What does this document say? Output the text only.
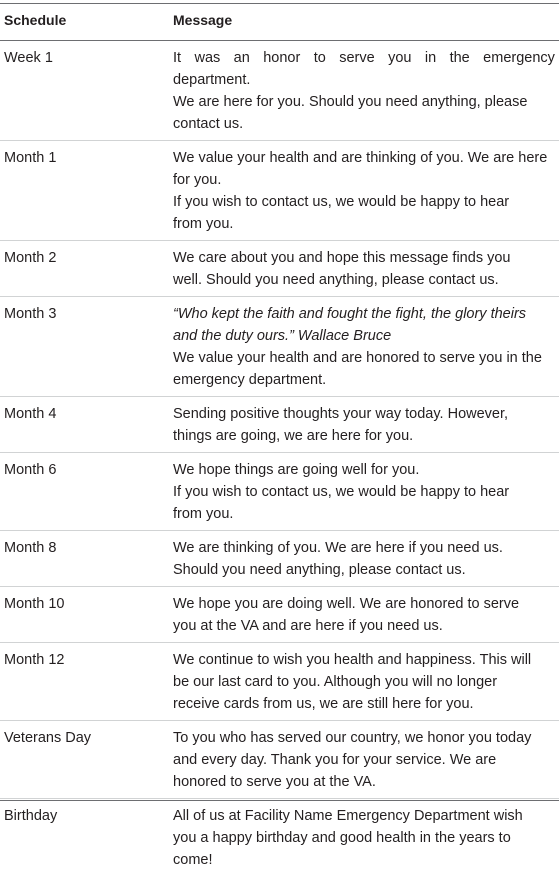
Schedule	Message
Week 1	It was an honor to serve you in the emergency
department.
We are here for you. Should you need anything, please
contact us.
Month 1	We value your health and are thinking of you. We are here
for you.
If you wish to contact us, we would be happy to hear
from you.
Month 2	We care about you and hope this message finds you
well. Should you need anything, please contact us.
Month 3	“Who kept the faith and fought the fight, the glory theirs
and the duty ours.” Wallace Bruce
We value your health and are honored to serve you in the
emergency department.
Month 4	Sending positive thoughts your way today. However,
things are going, we are here for you.
Month 6	We hope things are going well for you.
If you wish to contact us, we would be happy to hear
from you.
Month 8	We are thinking of you. We are here if you need us.
Should you need anything, please contact us.
Month 10	We hope you are doing well. We are honored to serve
you at the VA and are here if you need us.
Month 12	We continue to wish you health and happiness. This will
be our last card to you. Although you will no longer
receive cards from us, we are still here for you.
Veterans Day	To you who has served our country, we honor you today
and every day. Thank you for your service. We are
honored to serve you at the VA.
Birthday	All of us at Facility Name Emergency Department wish
you a happy birthday and good health in the years to
come!
